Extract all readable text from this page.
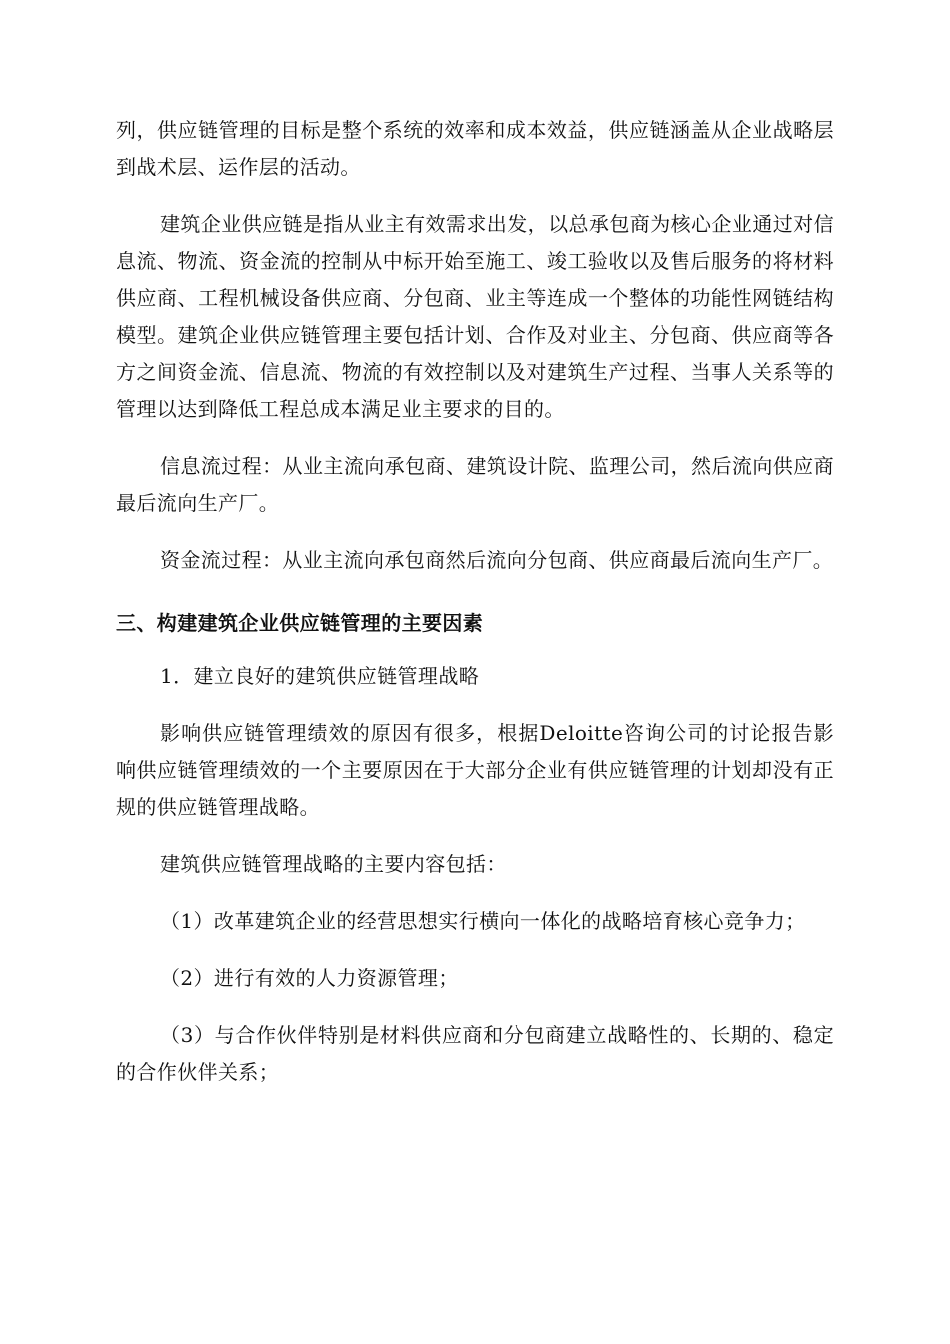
列，供应链管理的目标是整个系统的效率和成本效益，供应链涵盖从企业战略层到战术层、运作层的活动。

建筑企业供应链是指从业主有效需求出发，以总承包商为核心企业通过对信息流、物流、资金流的控制从中标开始至施工、竣工验收以及售后服务的将材料供应商、工程机械设备供应商、分包商、业主等连成一个整体的功能性网链结构模型。建筑企业供应链管理主要包括计划、合作及对业主、分包商、供应商等各方之间资金流、信息流、物流的有效控制以及对建筑生产过程、当事人关系等的管理以达到降低工程总成本满足业主要求的目的。

信息流过程：从业主流向承包商、建筑设计院、监理公司，然后流向供应商最后流向生产厂。

资金流过程：从业主流向承包商然后流向分包商、供应商最后流向生产厂。

三、构建建筑企业供应链管理的主要因素

1．建立良好的建筑供应链管理战略

影响供应链管理绩效的原因有很多，根据Deloitte咨询公司的讨论报告影响供应链管理绩效的一个主要原因在于大部分企业有供应链管理的计划却没有正规的供应链管理战略。

建筑供应链管理战略的主要内容包括：

（1）改革建筑企业的经营思想实行横向一体化的战略培育核心竞争力；

（2）进行有效的人力资源管理；

（3）与合作伙伴特别是材料供应商和分包商建立战略性的、长期的、稳定的合作伙伴关系；
